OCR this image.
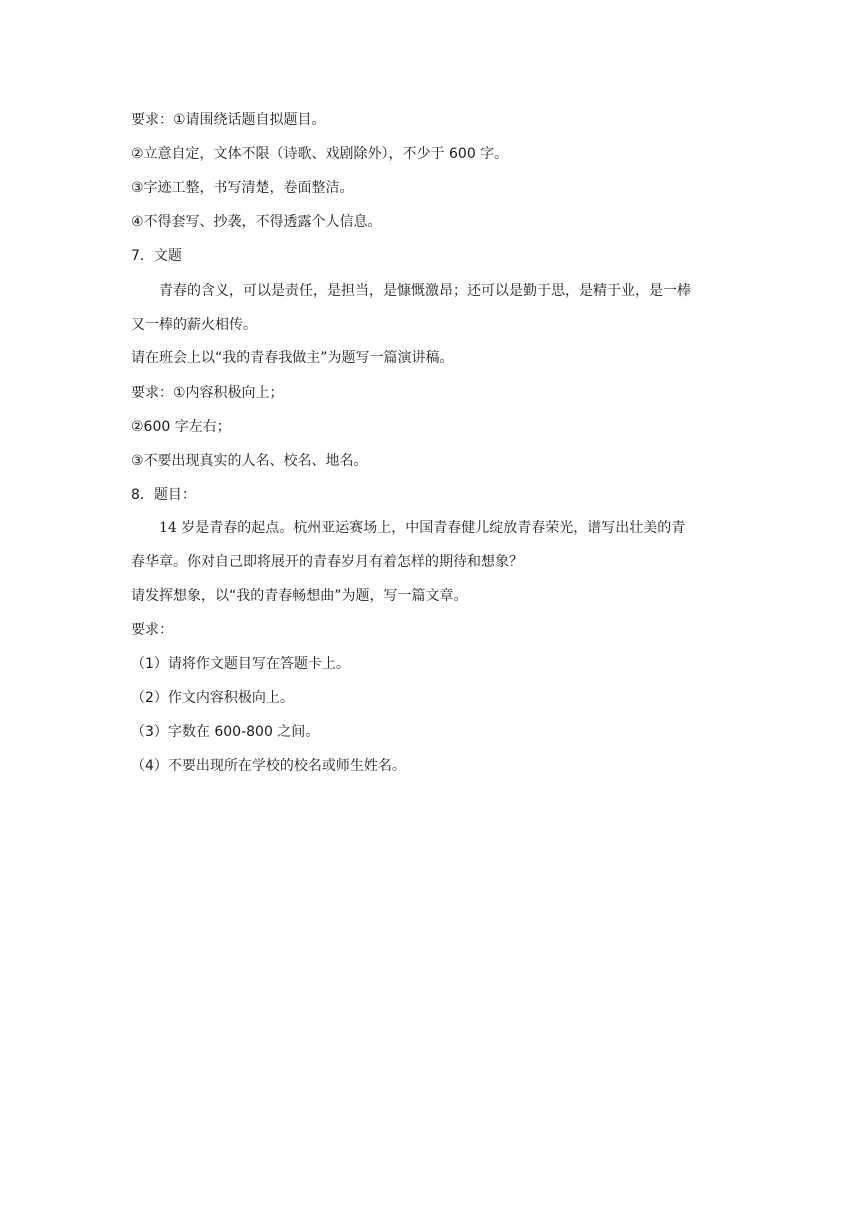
要求：①请围绕话题自拟题目。
②立意自定，文体不限（诗歌、戏剧除外），不少于 600 字。
③字迹工整，书写清楚，卷面整洁。
④不得套写、抄袭，不得透露个人信息。
7．文题
青春的含义，可以是责任，是担当，是慷慨激昂；还可以是勤于思，是精于业，是一棒
又一棒的薪火相传。
请在班会上以“我的青春我做主”为题写一篇演讲稿。
要求：①内容积极向上；
②600 字左右；
③不要出现真实的人名、校名、地名。
8．题目：
14 岁是青春的起点。杭州亚运赛场上，中国青春健儿绽放青春荣光，谱写出壮美的青
春华章。你对自己即将展开的青春岁月有着怎样的期待和想象？
请发挥想象，以“我的青春畅想曲”为题，写一篇文章。
要求：
（1）请将作文题目写在答题卡上。
（2）作文内容积极向上。
（3）字数在 600-800 之间。
（4）不要出现所在学校的校名或师生姓名。
